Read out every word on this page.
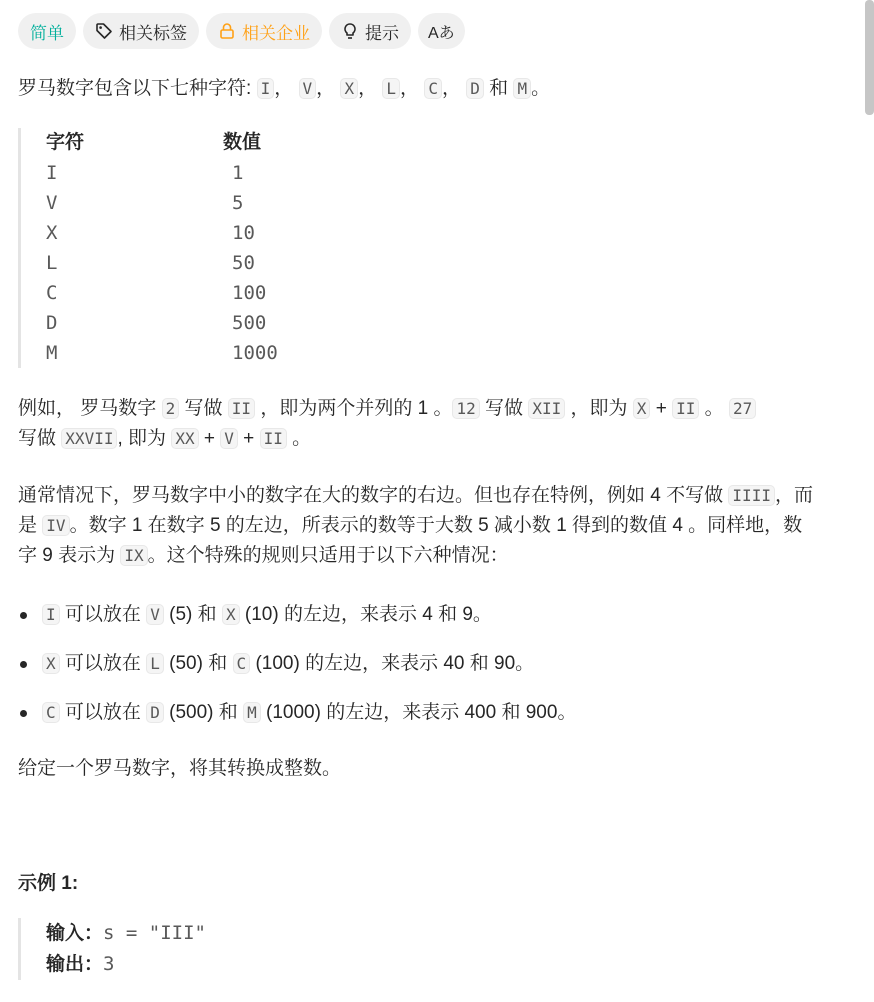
简单	相关标签	相关企业	提示 Aあ
罗马数字包含以下七种字符: I ， V ， X ， L ， C ， D 和 M 。
字符	数值
I	1
V	5
X	10
L	50
C	100
D	500
M	1000
例如， 罗马数字 2 写做 II ，即为两个并列的 1 。 12 写做 XII ，即为 X + II 。 27
写做 XXVII , 即为 XX + V + II 。
通常情况下，罗马数字中小的数字在大的数字的右边。但也存在特例，例如 4 不写做 IIII ，而是 IV 。数字 1 在数字 5 的左边，所表示的数等于大数 5 减小数 1 得到的数值 4 。同样地，数字 9 表示为 IX 。这个特殊的规则只适用于以下六种情况：
I 可以放在 V (5) 和 X (10) 的左边，来表示 4 和 9。
X 可以放在 L (50) 和 C (100) 的左边，来表示 40 和 90。
C 可以放在 D (500) 和 M (1000) 的左边，来表示 400 和 900。
给定一个罗马数字，将其转换成整数。
示例 1:
输入：s = "III"
输出：3
